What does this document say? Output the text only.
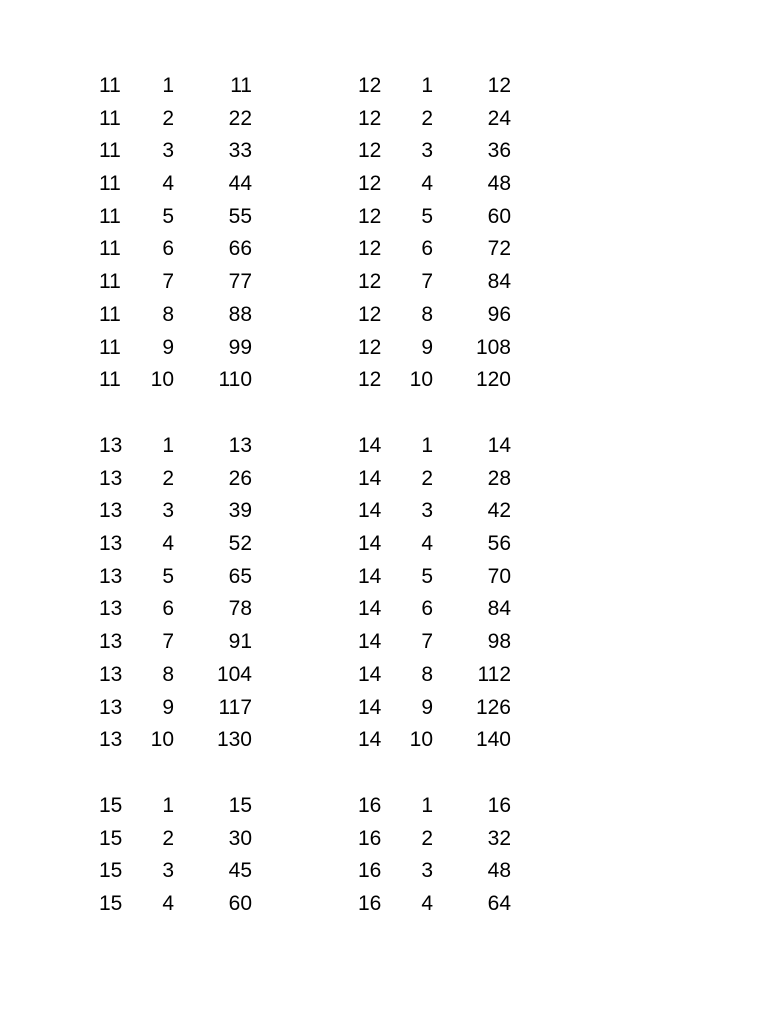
11 1	11
11 2	22
11 3	33
11 4	44
11 5	55
11 6	66
11 7	77
11 8	88
11 9	99
11 10 110
12 1	12
12 2	24
12 3	36
12 4	48
12 5	60
12 6	72
12 7	84
12 8	96
12 9 108
12 10 120
13 1	13
13 2	26
13 3	39
13 4	52
13 5	65
13 6	78
13 7	91
13 8 104
13 9 117
13 10 130
14 1	14
14 2	28
14 3	42
14 4	56
14 5	70
14 6	84
14 7	98
14 8 112
14 9 126
14 10 140
15 1	15
15 2	30
15 3	45
15 4	60
16 1	16
16 2	32
16 3	48
16 4	64
